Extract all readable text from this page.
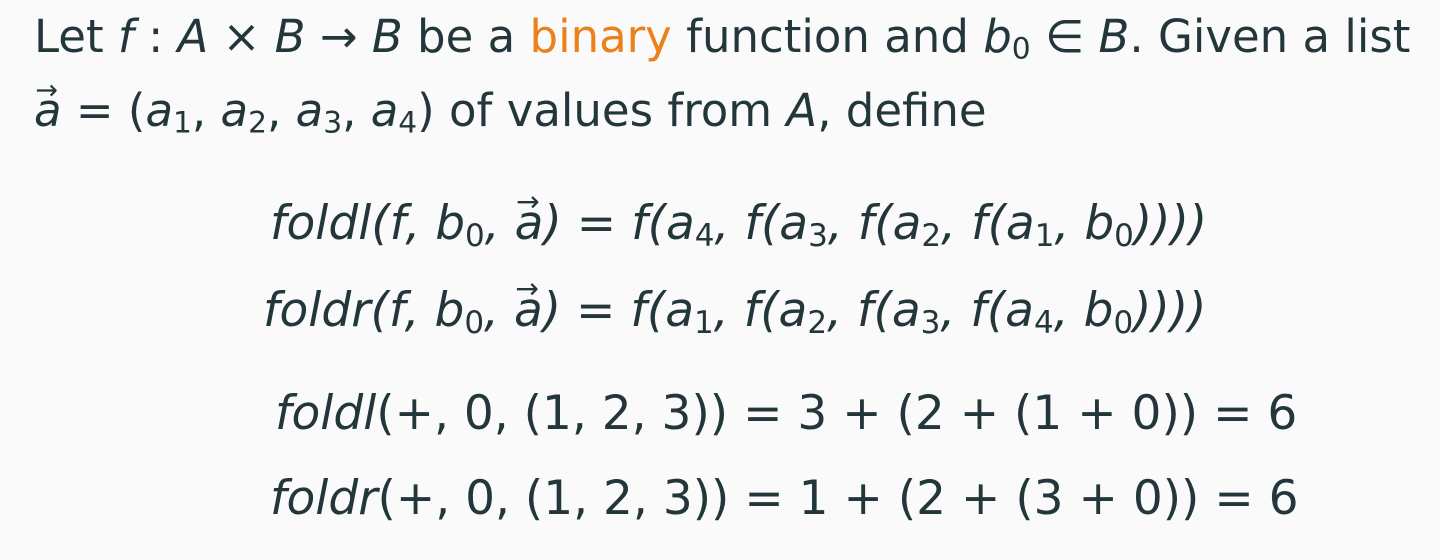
Let f : A × B → B be a binary function and $b_0$ ∈ B. Given a list
→ $a = (a_1$, $a_2$, $a_3$, $a_4$) of values from A, define
foldl(f, $b_0$, → $a) = f(a_4$, $f(a_3$, $f(a_2$, $f(a_1$, $b_0$))))
foldr(f, $b_0$, → $a) = f(a_1$, $f(a_2$, $f(a_3$, $f(a_4$, $b_0$))))
foldl(+, 0, (1, 2, 3)) = 3 + (2 + (1 + 0)) = 6
foldr(+, 0, (1, 2, 3)) = 1 + (2 + (3 + 0)) = 6
